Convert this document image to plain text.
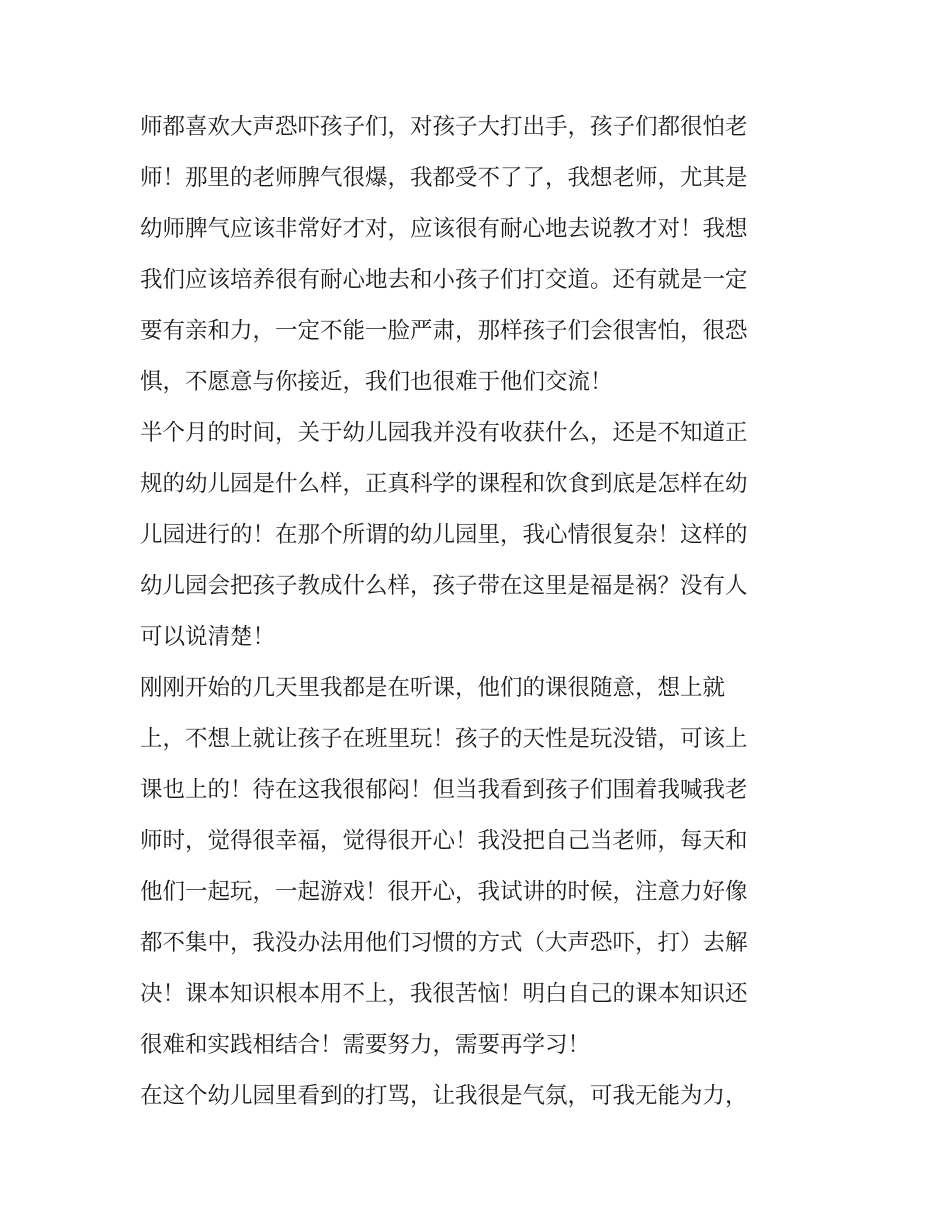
师都喜欢大声恐吓孩子们，对孩子大打出手，孩子们都很怕老
师！那里的老师脾气很爆，我都受不了了，我想老师，尤其是
幼师脾气应该非常好才对，应该很有耐心地去说教才对！我想
我们应该培养很有耐心地去和小孩子们打交道。还有就是一定
要有亲和力，一定不能一脸严肃，那样孩子们会很害怕，很恐
惧，不愿意与你接近，我们也很难于他们交流！
半个月的时间，关于幼儿园我并没有收获什么，还是不知道正
规的幼儿园是什么样，正真科学的课程和饮食到底是怎样在幼
儿园进行的！在那个所谓的幼儿园里，我心情很复杂！这样的
幼儿园会把孩子教成什么样，孩子带在这里是福是祸？没有人
可以说清楚！
刚刚开始的几天里我都是在听课，他们的课很随意，想上就
上，不想上就让孩子在班里玩！孩子的天性是玩没错，可该上
课也上的！待在这我很郁闷！但当我看到孩子们围着我喊我老
师时，觉得很幸福，觉得很开心！我没把自己当老师，每天和
他们一起玩，一起游戏！很开心，我试讲的时候，注意力好像
都不集中，我没办法用他们习惯的方式（大声恐吓，打）去解
决！课本知识根本用不上，我很苦恼！明白自己的课本知识还
很难和实践相结合！需要努力，需要再学习！
在这个幼儿园里看到的打骂，让我很是气氛，可我无能为力，
